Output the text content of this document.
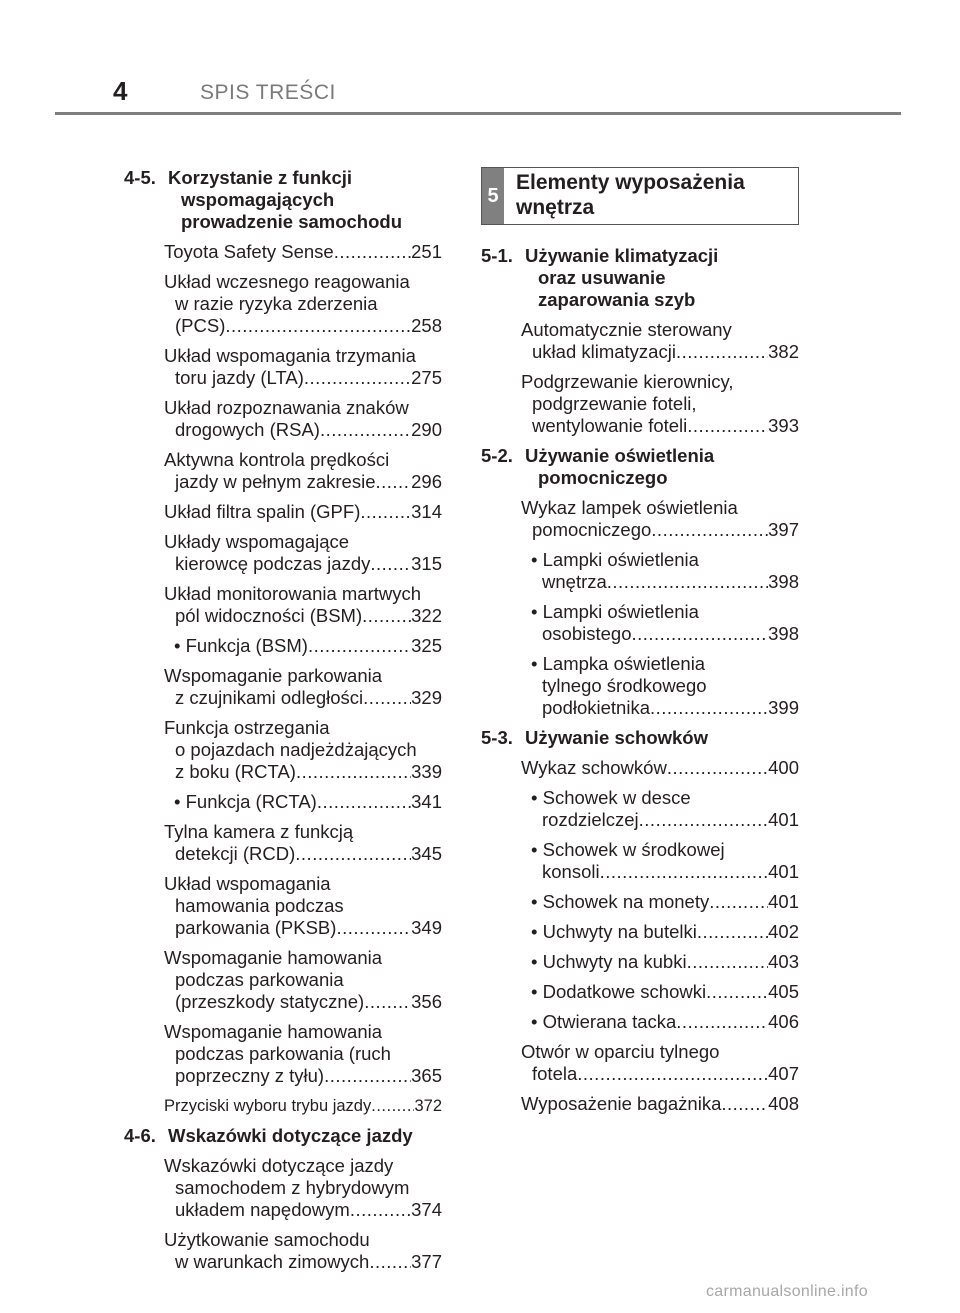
4	SPIS TREŚCI
4-5. Korzystanie z funkcji
wspomagających
prowadzenie samochodu
Toyota Safety Sense .....	251
Układ wczesnego reagowania
w razie ryzyka zderzenia
(PCS) .....	258
Układ wspomagania trzymania
toru jazdy (LTA) .....	275
Układ rozpoznawania znaków
drogowych (RSA) .....	290
Aktywna kontrola prędkości
jazdy w pełnym zakresie ..... 296
Układ filtra spalin (GPF) .....	314
Układy wspomagające
kierowcę podczas jazdy ..... 315
Układ monitorowania martwych
pól widoczności (BSM) .....	322
• Funkcja (BSM) .....	325
Wspomaganie parkowania
z czujnikami odległości .....	329
Funkcja ostrzegania
o pojazdach nadjeżdżających
z boku (RCTA) .....	339
• Funkcja (RCTA) .....	341
Tylna kamera z funkcją
detekcji (RCD) .....	345
Układ wspomagania
hamowania podczas
parkowania (PKSB) .....	349
Wspomaganie hamowania
podczas parkowania
(przeszkody statyczne) .....	356
Wspomaganie hamowania
podczas parkowania (ruch
poprzeczny z tyłu) .....	365
Przyciski wyboru trybu jazdy .....	372
4-6. Wskazówki dotyczące jazdy
Wskazówki dotyczące jazdy
samochodem z hybrydowym
układem napędowym .....	374
Użytkowanie samochodu
w warunkach zimowych ..... 377
5
Elementy wyposażenia
wnętrza
5-1. Używanie klimatyzacji
oraz usuwanie
zaparowania szyb
Automatycznie sterowany
układ klimatyzacji .....	382
Podgrzewanie kierownicy,
podgrzewanie foteli,
wentylowanie foteli .....	393
5-2. Używanie oświetlenia
pomocniczego
Wykaz lampek oświetlenia
pomocniczego .....	397
• Lampki oświetlenia
wnętrza .....	398
• Lampki oświetlenia
osobistego .....	398
• Lampka oświetlenia
tylnego środkowego
podłokietnika .....	399
5-3. Używanie schowków
Wykaz schowków .....	400
• Schowek w desce
rozdzielczej .....	401
• Schowek w środkowej
konsoli .....	401
• Schowek na monety .....	401
• Uchwyty na butelki .....	402
• Uchwyty na kubki .....	403
• Dodatkowe schowki .....	405
• Otwierana tacka .....	406
Otwór w oparciu tylnego
fotela .....	407
Wyposażenie bagażnika .....	408
carmanualsonline.info
